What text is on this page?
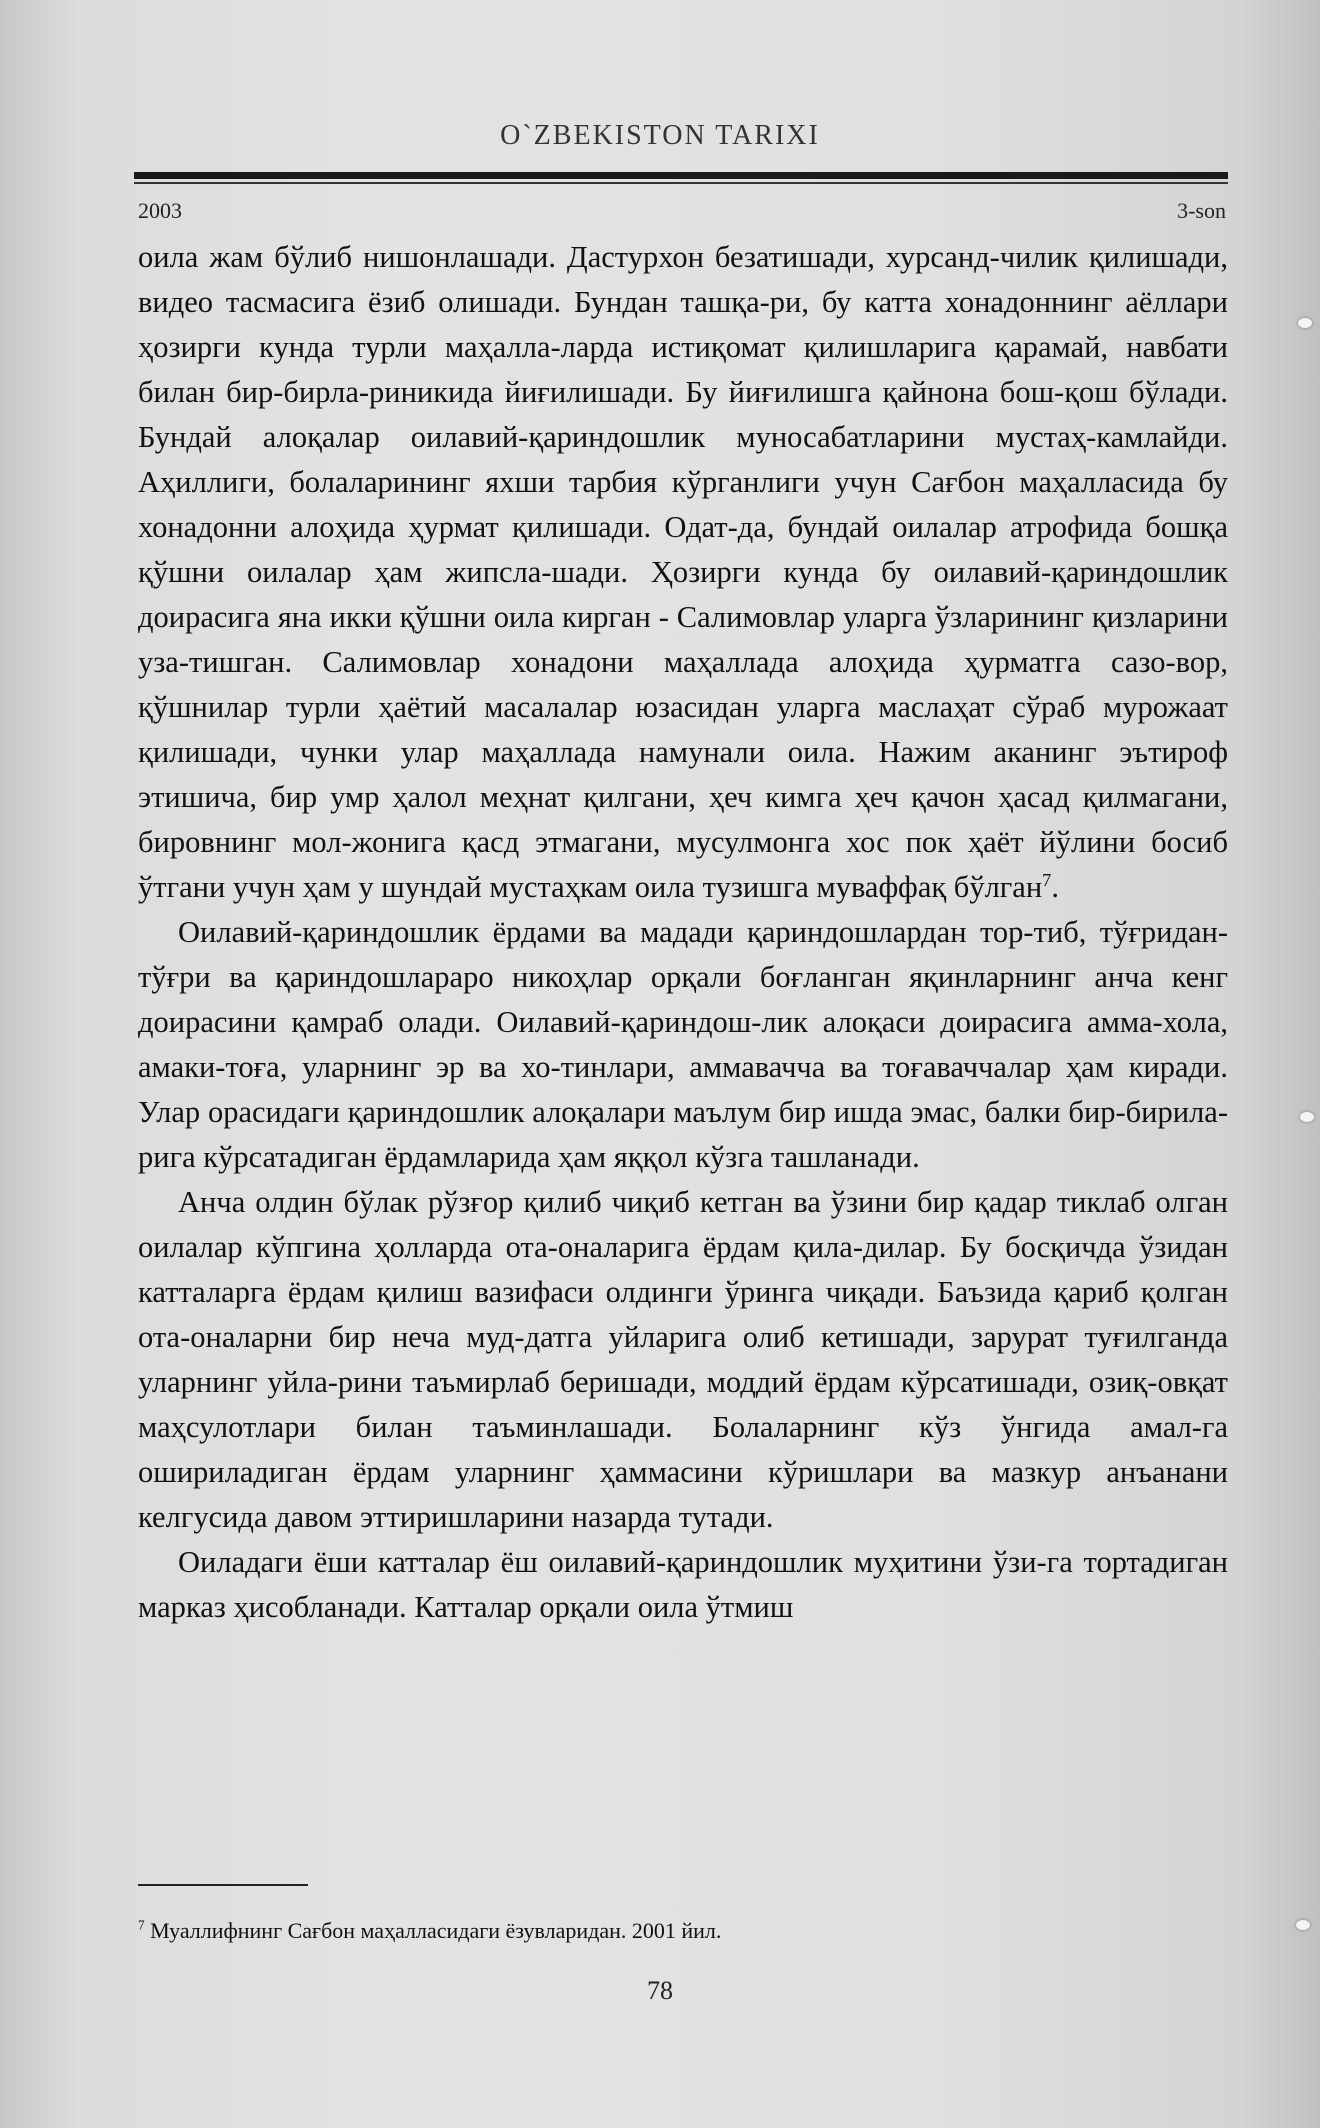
O`ZBEKISTON TARIXI
2003	3-son

оила жам бўлиб нишонлашади. Дастурхон безатишади, хурсанд-чилик қилишади, видео тасмасига ёзиб олишади. Бундан ташқа-ри, бу катта хонадоннинг аёллари ҳозирги кунда турли маҳалла-ларда истиқомат қилишларига қарамай, навбати билан бир-бирла-риникида йиғилишади. Бу йиғилишга қайнона бош-қош бўлади. Бундай алоқалар оилавий-қариндошлик муносабатларини мустаҳ-камлайди. Аҳиллиги, болаларининг яхши тарбия кўрганлиги учун Сағбон маҳалласида бу хонадонни алоҳида ҳурмат қилишади. Одат-да, бундай оилалар атрофида бошқа қўшни оилалар ҳам жипсла-шади. Ҳозирги кунда бу оилавий-қариндошлик доирасига яна икки қўшни оила кирган - Салимовлар уларга ўзларининг қизларини уза-тишган. Салимовлар хонадони маҳаллада алоҳида ҳурматга сазо-вор, қўшнилар турли ҳаётий масалалар юзасидан уларга маслаҳат сўраб мурожаат қилишади, чунки улар маҳаллада намунали оила. Нажим аканинг эътироф этишича, бир умр ҳалол меҳнат қилгани, ҳеч кимга ҳеч қачон ҳасад қилмагани, бировнинг мол-жонига қасд этмагани, мусулмонга хос пок ҳаёт йўлини босиб ўтгани учун ҳам у шундай мустаҳкам оила тузишга муваффақ бўлган$^7$.

Оилавий-қариндошлик ёрдами ва мадади қариндошлардан тор-тиб, тўғридан-тўғри ва қариндошлараро никоҳлар орқали боғланган яқинларнинг анча кенг доирасини қамраб олади. Оилавий-қариндош-лик алоқаси доирасига амма-хола, амаки-тоға, уларнинг эр ва хо-тинлари, аммавачча ва тоғаваччалар ҳам киради. Улар орасидаги қариндошлик алоқалари маълум бир ишда эмас, балки бир-бирила-рига кўрсатадиган ёрдамларида ҳам яққол кўзга ташланади.

Анча олдин бўлак рўзғор қилиб чиқиб кетган ва ўзини бир қадар тиклаб олган оилалар кўпгина ҳолларда ота-оналарига ёрдам қила-дилар. Бу босқичда ўзидан катталарга ёрдам қилиш вазифаси олдинги ўринга чиқади. Баъзида қариб қолган ота-оналарни бир неча муд-датга уйларига олиб кетишади, зарурат туғилганда уларнинг уйла-рини таъмирлаб беришади, моддий ёрдам кўрсатишади, озиқ-овқат маҳсулотлари билан таъминлашади. Болаларнинг кўз ўнгида амал-га ошириладиган ёрдам уларнинг ҳаммасини кўришлари ва мазкур анъанани келгусида давом эттиришларини назарда тутади.

Оиладаги ёши катталар ёш оилавий-қариндошлик муҳитини ўзи-га тортадиган марказ ҳисобланади. Катталар орқали оила ўтмиш

$^7$ Муаллифнинг Сағбон маҳалласидаги ёзувларидан. 2001 йил.
78
